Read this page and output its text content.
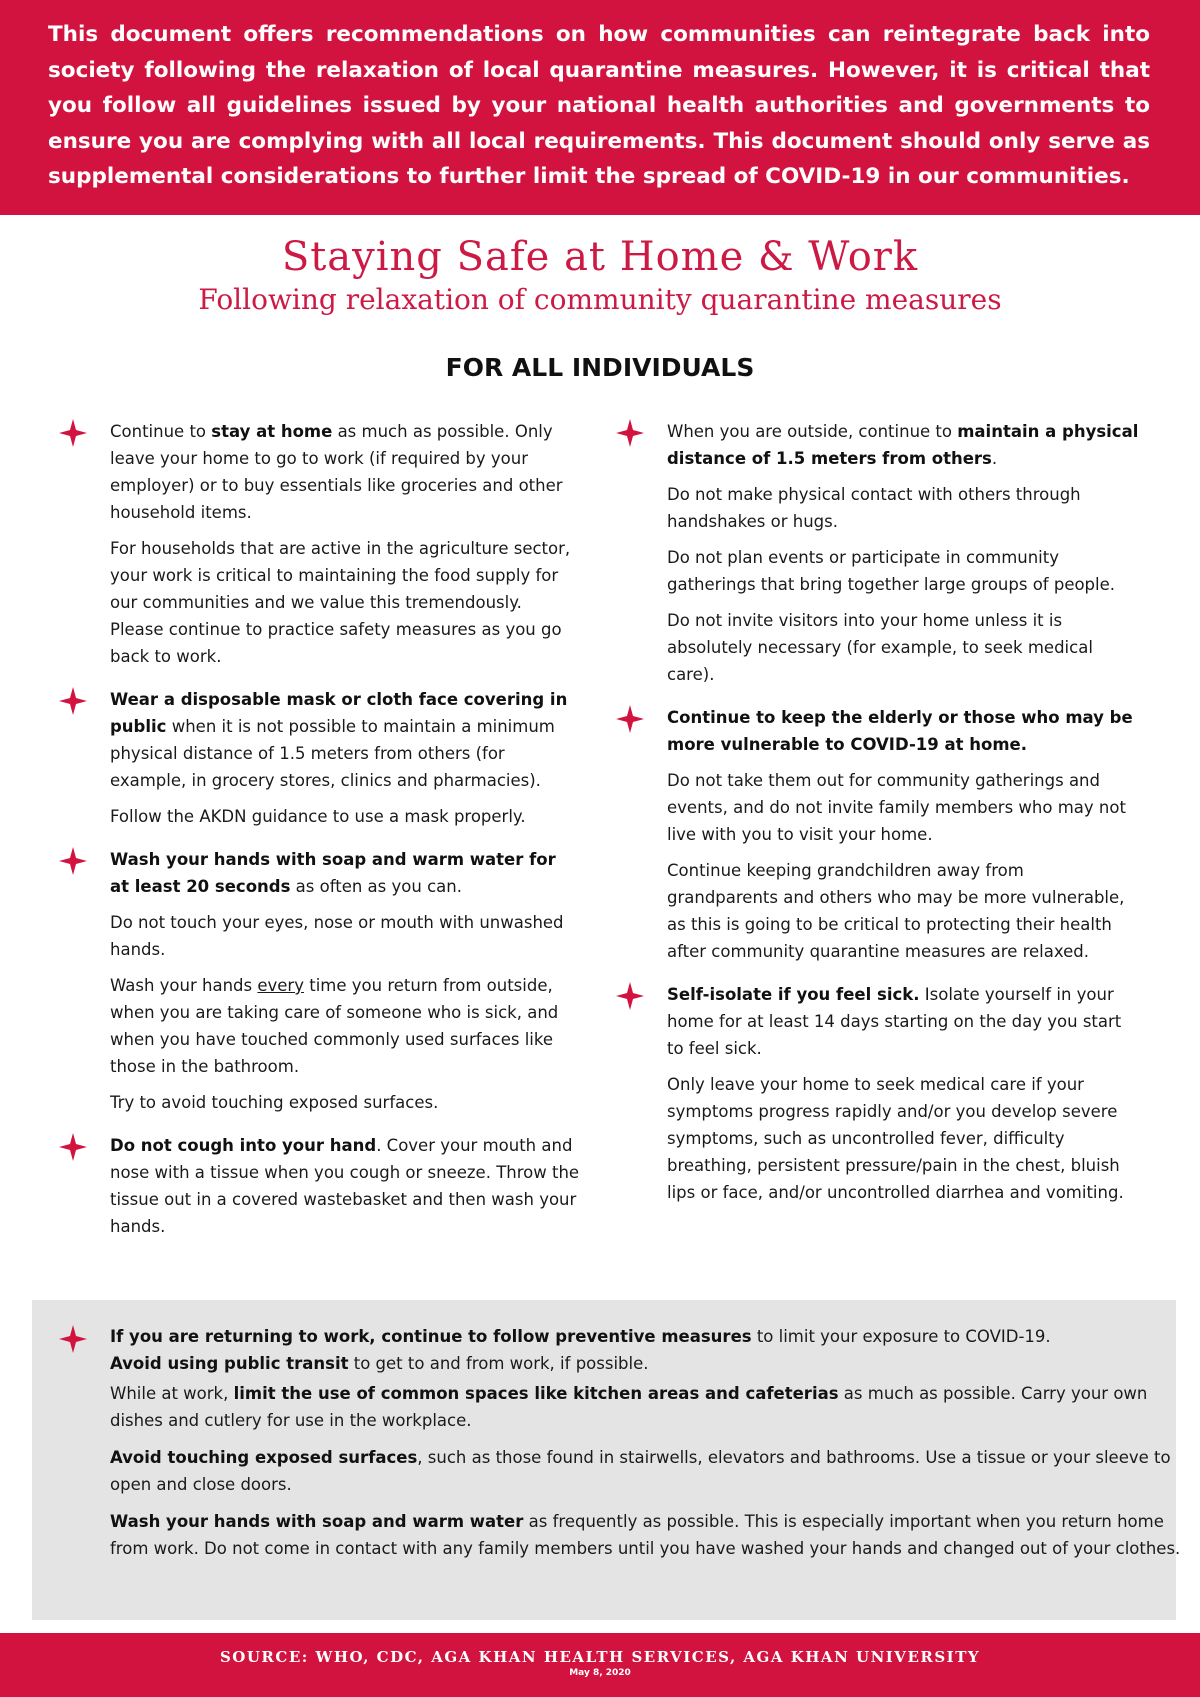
This document offers recommendations on how communities can reintegrate back into society following the relaxation of local quarantine measures. However, it is critical that you follow all guidelines issued by your national health authorities and governments to ensure you are complying with all local requirements. This document should only serve as supplemental considerations to further limit the spread of COVID-19 in our communities.

Staying Safe at Home & Work
Following relaxation of community quarantine measures
FOR ALL INDIVIDUALS

Continue to stay at home as much as possible. Only leave your home to go to work (if required by your employer) or to buy essentials like groceries and other household items.

For households that are active in the agriculture sector, your work is critical to maintaining the food supply for our communities and we value this tremendously. Please continue to practice safety measures as you go back to work.

Wear a disposable mask or cloth face covering in public when it is not possible to maintain a minimum physical distance of 1.5 meters from others (for example, in grocery stores, clinics and pharmacies).

Follow the AKDN guidance to use a mask properly.

Wash your hands with soap and warm water for at least 20 seconds as often as you can.

Do not touch your eyes, nose or mouth with unwashed hands.

Wash your hands every time you return from outside, when you are taking care of someone who is sick, and when you have touched commonly used surfaces like those in the bathroom.

Try to avoid touching exposed surfaces.

Do not cough into your hand. Cover your mouth and nose with a tissue when you cough or sneeze. Throw the tissue out in a covered wastebasket and then wash your hands.

When you are outside, continue to maintain a physical distance of 1.5 meters from others.

Do not make physical contact with others through handshakes or hugs.

Do not plan events or participate in community gatherings that bring together large groups of people.

Do not invite visitors into your home unless it is absolutely necessary (for example, to seek medical care).

Continue to keep the elderly or those who may be more vulnerable to COVID-19 at home.

Do not take them out for community gatherings and events, and do not invite family members who may not live with you to visit your home.

Continue keeping grandchildren away from grandparents and others who may be more vulnerable, as this is going to be critical to protecting their health after community quarantine measures are relaxed.

Self-isolate if you feel sick. Isolate yourself in your home for at least 14 days starting on the day you start to feel sick.

Only leave your home to seek medical care if your symptoms progress rapidly and/or you develop severe symptoms, such as uncontrolled fever, difficulty breathing, persistent pressure/pain in the chest, bluish lips or face, and/or uncontrolled diarrhea and vomiting.

If you are returning to work, continue to follow preventive measures to limit your exposure to COVID-19.
Avoid using public transit to get to and from work, if possible.

While at work, limit the use of common spaces like kitchen areas and cafeterias as much as possible. Carry your own dishes and cutlery for use in the workplace.

Avoid touching exposed surfaces, such as those found in stairwells, elevators and bathrooms. Use a tissue or your sleeve to open and close doors.

Wash your hands with soap and warm water as frequently as possible. This is especially important when you return home from work. Do not come in contact with any family members until you have washed your hands and changed out of your clothes.

SOURCE: WHO, CDC, AGA KHAN HEALTH SERVICES, AGA KHAN UNIVERSITY
May 8, 2020
